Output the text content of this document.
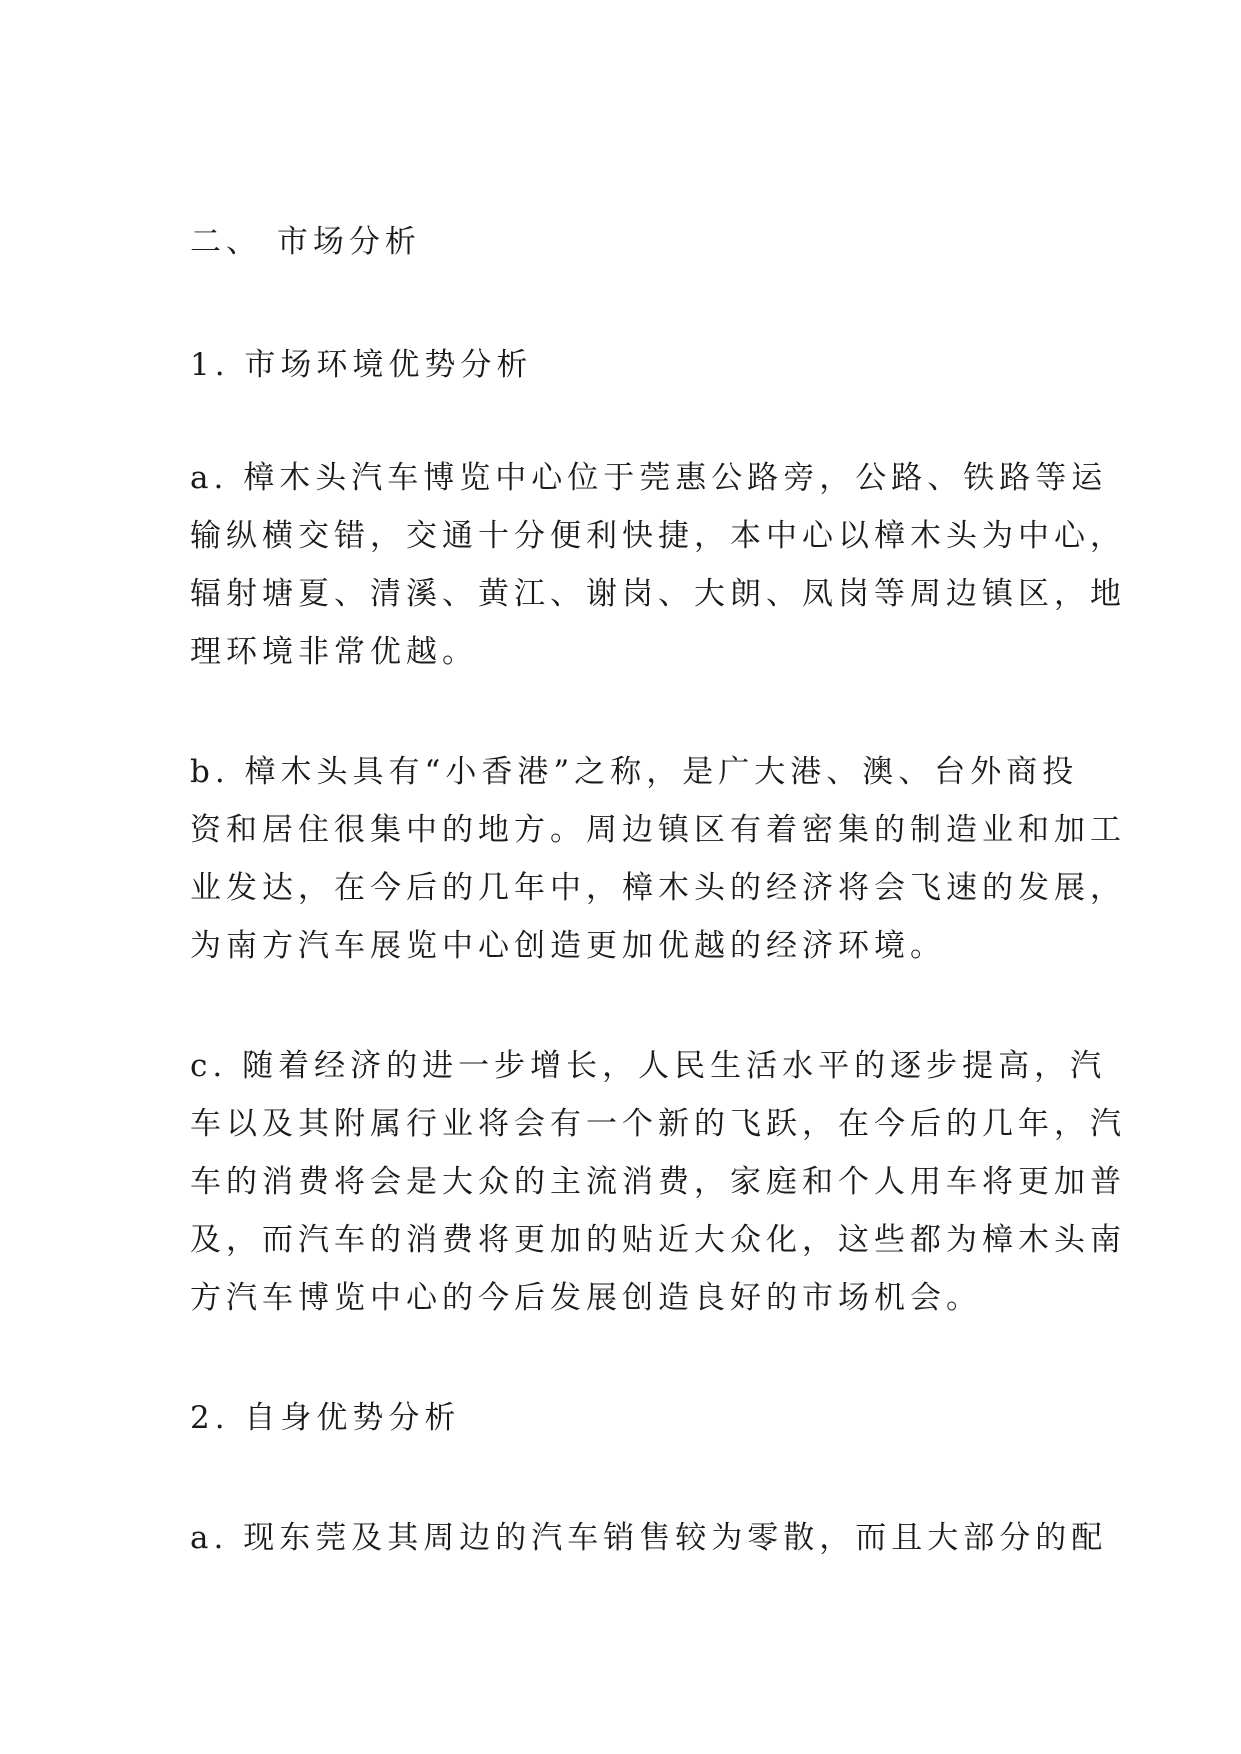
二、 市场分析
1. 市场环境优势分析
a. 樟木头汽车博览中心位于莞惠公路旁，公路、铁路等运
输纵横交错，交通十分便利快捷，本中心以樟木头为中心，
辐射塘夏、清溪、黄江、谢岗、大朗、凤岗等周边镇区，地
理环境非常优越。
b. 樟木头具有“小香港”之称，是广大港、澳、台外商投
资和居住很集中的地方。周边镇区有着密集的制造业和加工
业发达，在今后的几年中，樟木头的经济将会飞速的发展，
为南方汽车展览中心创造更加优越的经济环境。
c. 随着经济的进一步增长，人民生活水平的逐步提高，汽
车以及其附属行业将会有一个新的飞跃，在今后的几年，汽
车的消费将会是大众的主流消费，家庭和个人用车将更加普
及，而汽车的消费将更加的贴近大众化，这些都为樟木头南
方汽车博览中心的今后发展创造良好的市场机会。
2. 自身优势分析
a. 现东莞及其周边的汽车销售较为零散，而且大部分的配
